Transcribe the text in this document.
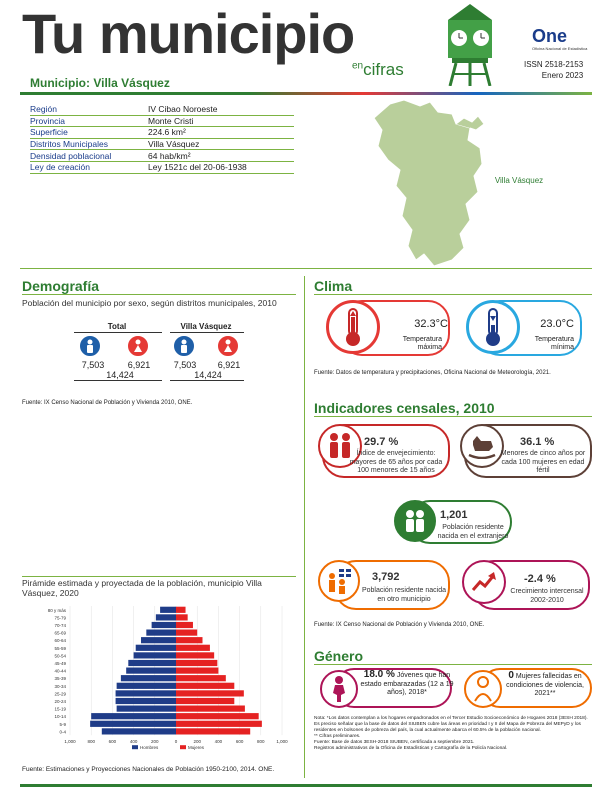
Tu municipio
$^{en}$cifras
One
Oficina Nacional de Estadística
ISSN 2518-2153
Enero 2023
Municipio: Villa Vásquez
Región	IV Cibao Noroeste
Provincia	Monte Cristi
Superficie	224.6 km²
Distritos Municipales	Villa Vásquez
Densidad poblacional	64 hab/km²
Ley de creación	Ley 1521c del 20-06-1938
Villa Vásquez
Demografía
Población del municipio por sexo, según distritos municipales, 2010
Total	Villa Vásquez
7,503	6,921	7,503	6,921
14,424	14,424
Fuente: IX Censo Nacional de Población y Vivienda 2010, ONE.
Pirámide estimada y proyectada de la población, municipio Villa Vásquez, 2020
1,000	800	600	400	200	0	200	400	600	800	1,000
80 y más
75-79
70-74
65-69
60-64
55-59
50-54
45-49
40-44
35-39
30-34
25-29
20-24
15-19
10-14
5-9
0-4
Hombres	Mujeres
Fuente: Estimaciones y Proyecciones Nacionales de Población 1950-2100, 2014. ONE.
Clima
32.3°C
Temperatura máxima
23.0°C
Temperatura mínima
Fuente: Datos de temperatura y precipitaciones, Oficina Nacional de Meteorología, 2021.
Indicadores censales, 2010
29.7 %
Índice de envejecimiento: mayores de 65 años por cada 100 menores de 15 años
36.1 %
Menores de cinco años por cada 100 mujeres en edad fértil
1,201
Población residente nacida en el extranjero
3,792
Población residente nacida en otro municipio
-2.4 %
Crecimiento intercensal 2002-2010
Fuente: IX Censo Nacional de Población y Vivienda 2010, ONE.
Género
18.0 % Jóvenes que han estado embarazadas (12 a 19 años), 2018*
0 Mujeres fallecidas en condiciones de violencia, 2021**
Nota: *Los datos contemplan a los hogares empadronados en el Tercer Estudio Socioeconómico de Hogares 2018 (3ESH 2018).
Es preciso señalar que la base de datos del SIUBEN cubre las áreas en prioridad I y II del Mapa de Pobreza del MEPyD y los residentes en bolsones de pobreza del país, la cual actualmente abarca el 60.5% de la población nacional.
** Cifras preliminares.
Fuente: Base de datos 3ESH-2018 SIUBEN, certificada a septiembre 2021.
Registros administrativos de la Oficina de Estadísticas y Cartografía de la Policía Nacional.
